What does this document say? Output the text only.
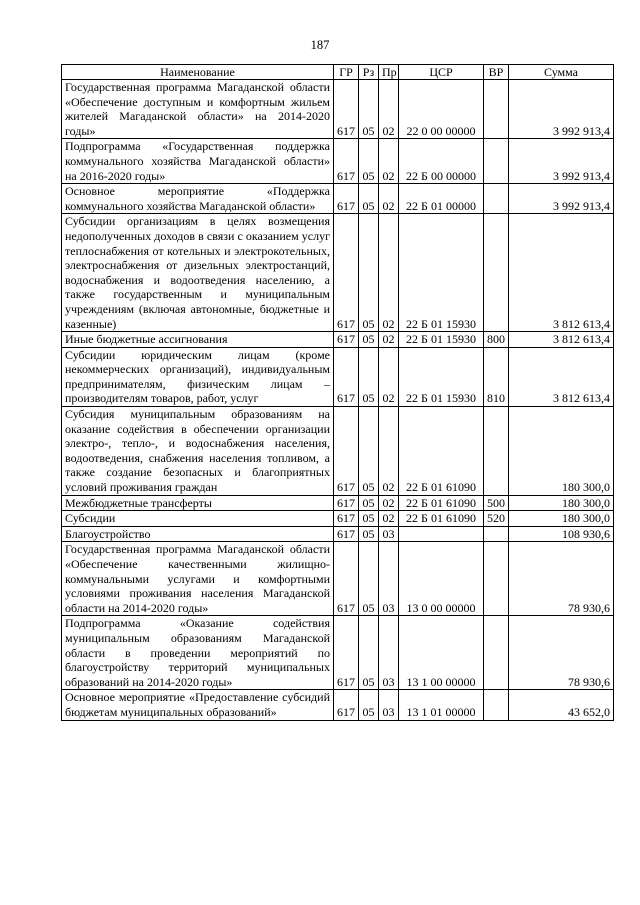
187
Наименование	ГР	Рз	Пр	ЦСР	ВР	Сумма
Государственная программа Магаданской области «Обеспечение доступным и комфортным жильем жителей Магаданской области» на 2014-2020 годы»	617	05	02	22 0 00 00000		3 992 913,4
Подпрограмма «Государственная поддержка коммунального хозяйства Магаданской области» на 2016-2020 годы»	617	05	02	22 Б 00 00000		3 992 913,4
Основное мероприятие «Поддержка коммунального хозяйства Магаданской области»	617	05	02	22 Б 01 00000		3 992 913,4
Субсидии организациям в целях возмещения недополученных доходов в связи с оказанием услуг теплоснабжения от котельных и электрокотельных, электроснабжения от дизельных электростанций, водоснабжения и водоотведения населению, а также государственным и муниципальным учреждениям (включая автономные, бюджетные и казенные)	617	05	02	22 Б 01 15930		3 812 613,4
Иные бюджетные ассигнования	617	05	02	22 Б 01 15930	800	3 812 613,4
Субсидии юридическим лицам (кроме некоммерческих организаций), индивидуальным предпринимателям, физическим лицам – производителям товаров, работ, услуг	617	05	02	22 Б 01 15930	810	3 812 613,4
Субсидия муниципальным образованиям на оказание содействия в обеспечении организации электро-, тепло-, и водоснабжения населения, водоотведения, снабжения населения топливом, а также создание безопасных и благоприятных условий проживания граждан	617	05	02	22 Б 01 61090		180 300,0
Межбюджетные трансферты	617	05	02	22 Б 01 61090	500	180 300,0
Субсидии	617	05	02	22 Б 01 61090	520	180 300,0
Благоустройство	617	05	03			108 930,6
Государственная программа Магаданской области «Обеспечение качественными жилищно-коммунальными услугами и комфортными условиями проживания населения Магаданской области на 2014-2020 годы»	617	05	03	13 0 00 00000		78 930,6
Подпрограмма «Оказание содействия муниципальным образованиям Магаданской области в проведении мероприятий по благоустройству территорий муниципальных образований на 2014-2020 годы»	617	05	03	13 1 00 00000		78 930,6
Основное мероприятие «Предоставление субсидий бюджетам муниципальных образований»	617	05	03	13 1 01 00000		43 652,0
